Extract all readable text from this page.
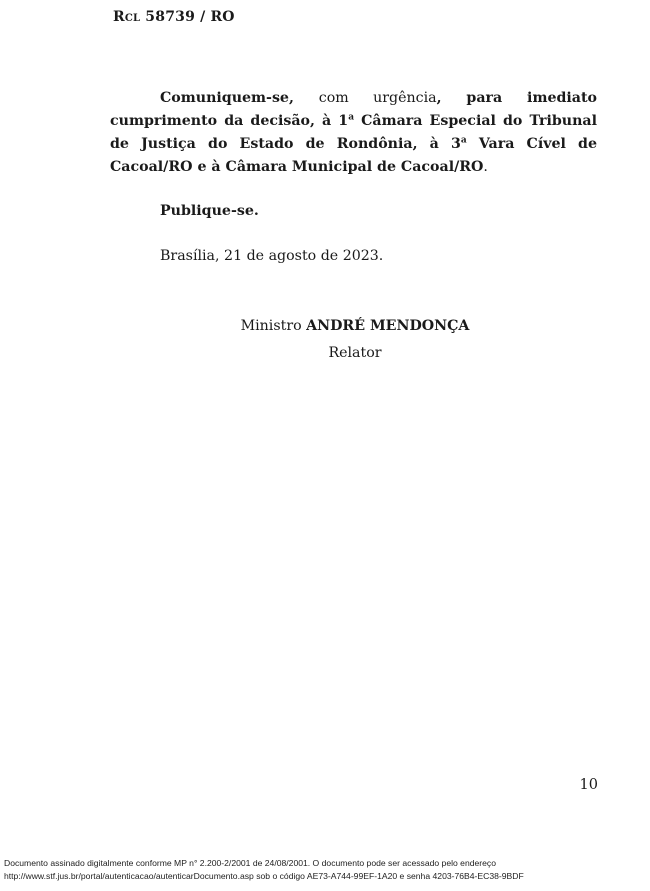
Rcl 58739 / RO

Comuniquem-se, com urgência, para imediato cumprimento da decisão, à 1$^a$ Câmara Especial do Tribunal de Justiça do Estado de Rondônia, à 3$^a$ Vara Cível de Cacoal/RO e à Câmara Municipal de Cacoal/RO.

Publique-se.
Brasília, 21 de agosto de 2023.
Ministro ANDRÉ MENDONÇA
Relator
10
Documento assinado digitalmente conforme MP n° 2.200-2/2001 de 24/08/2001. O documento pode ser acessado pelo endereço
http://www.stf.jus.br/portal/autenticacao/autenticarDocumento.asp sob o código AE73-A744-99EF-1A20 e senha 4203-76B4-EC38-9BDF
